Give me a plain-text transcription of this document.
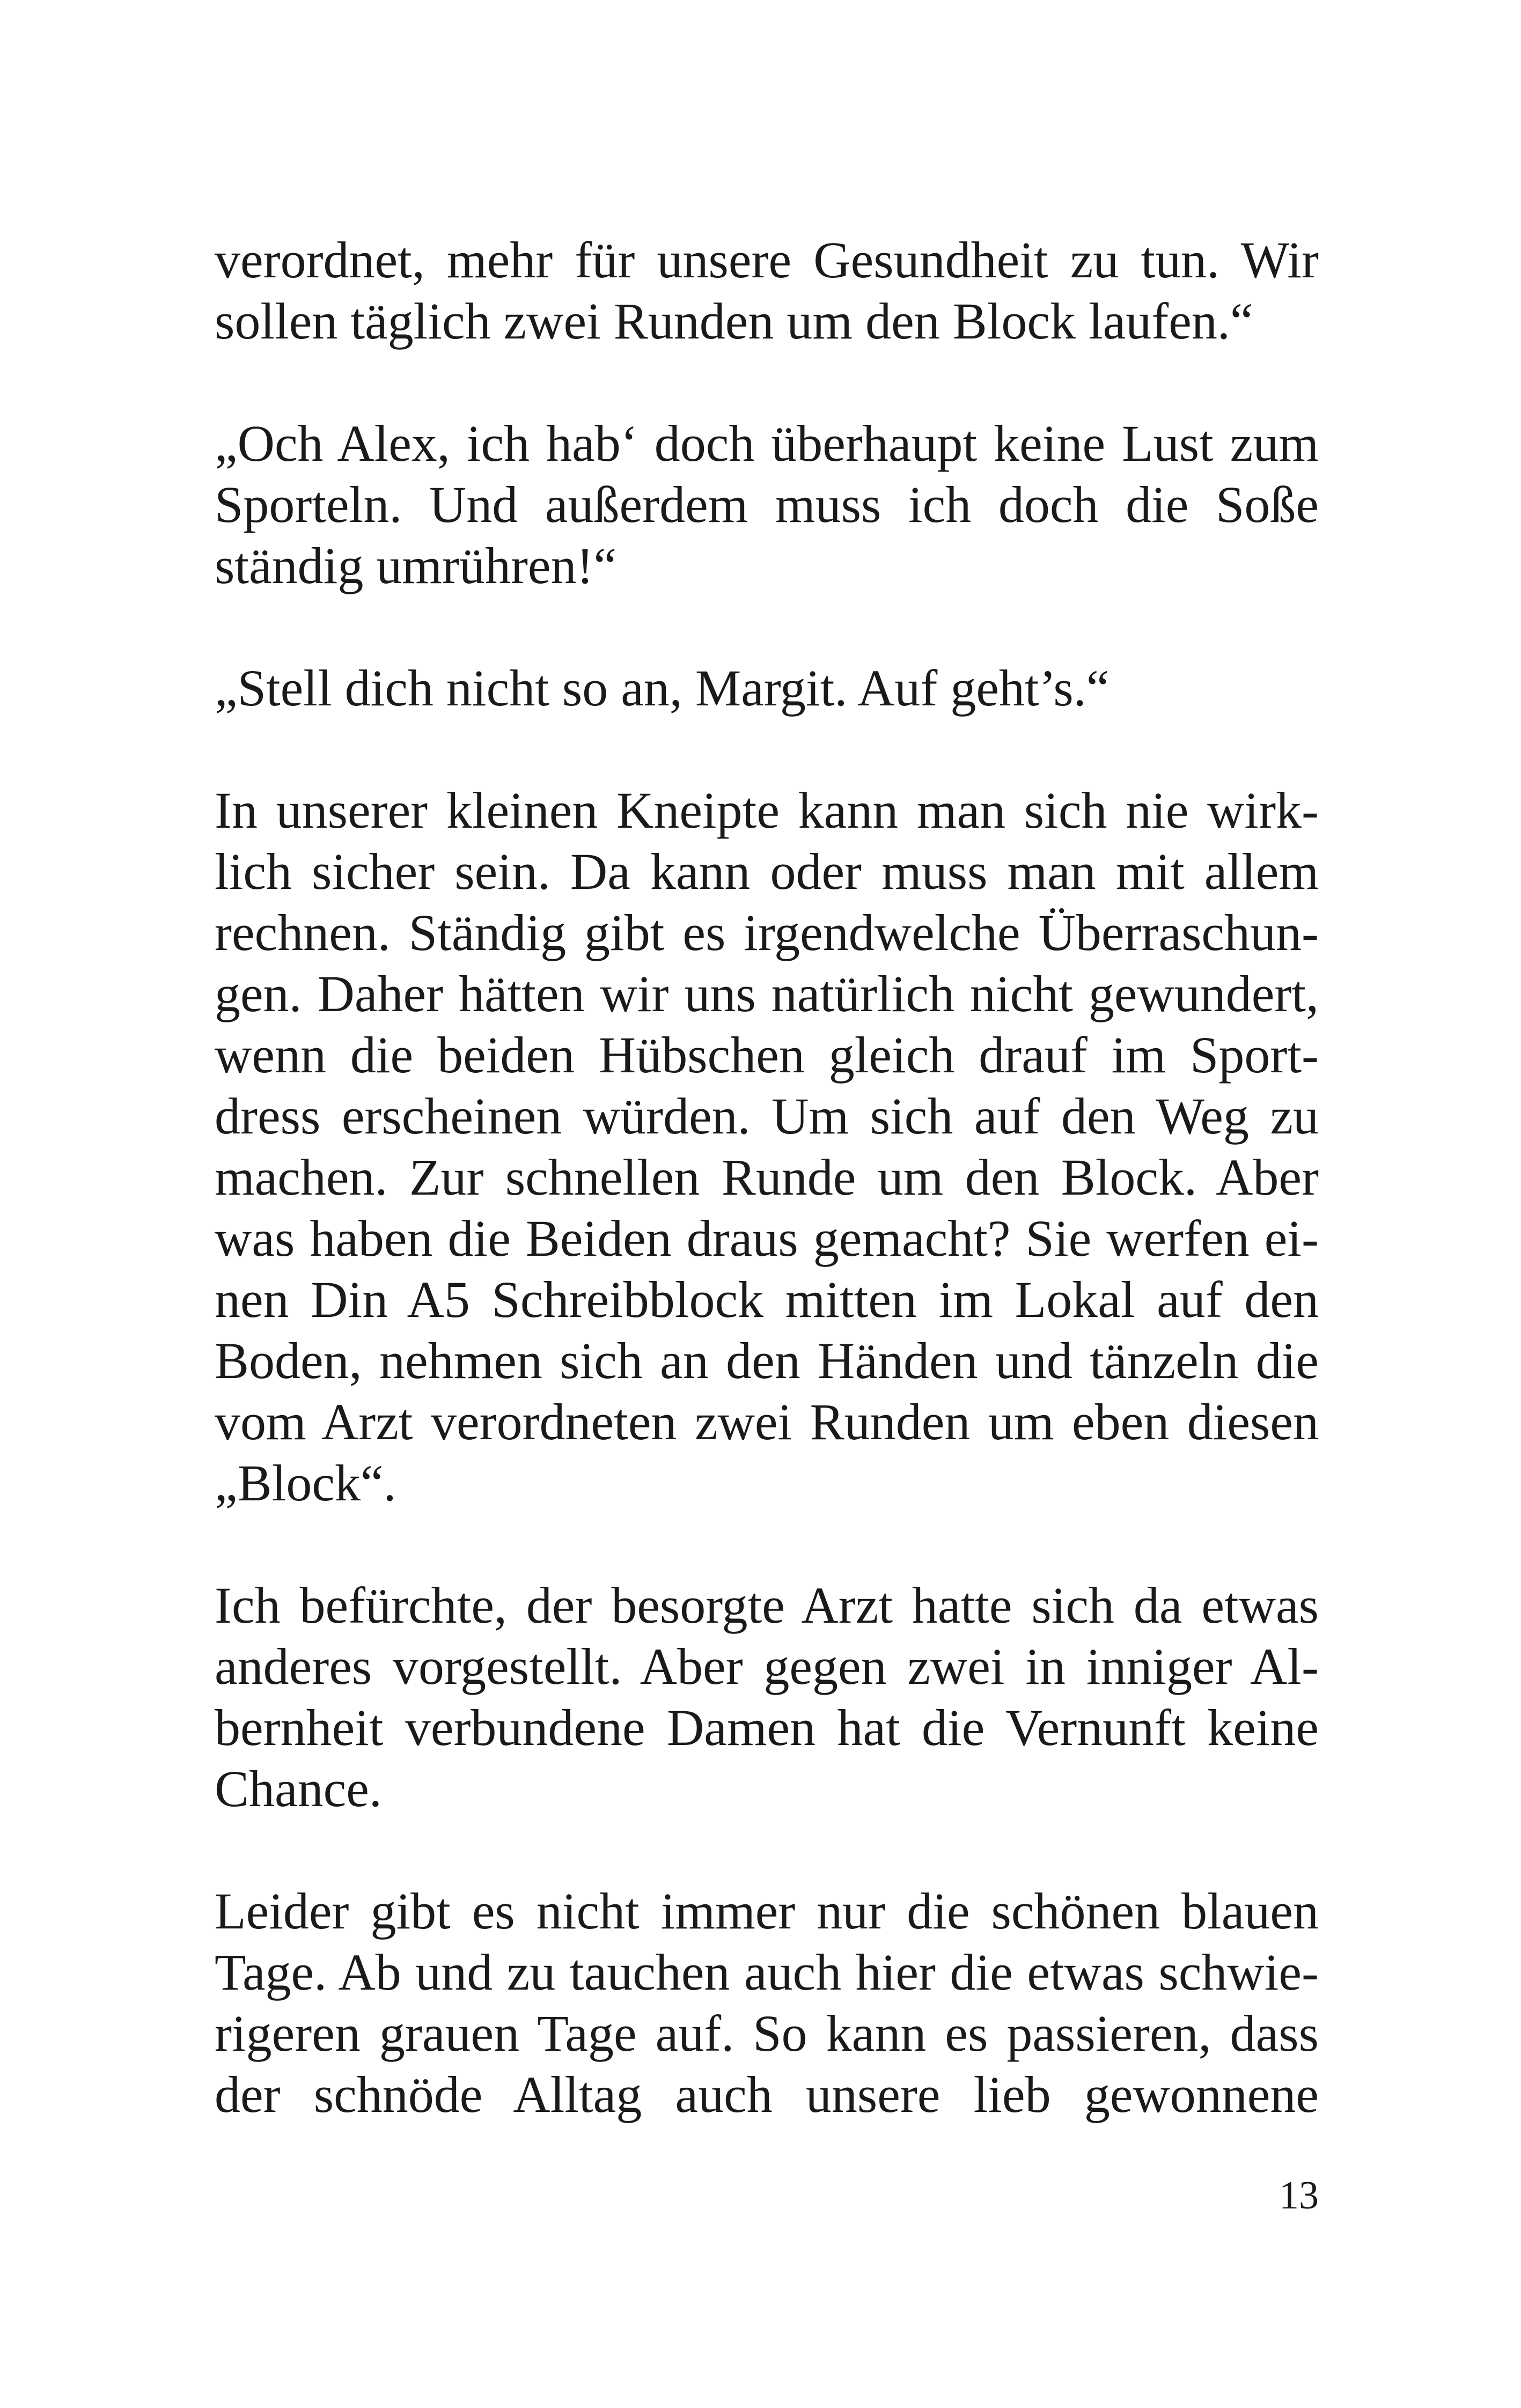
verordnet, mehr für unsere Gesundheit zu tun. Wir
sollen täglich zwei Runden um den Block laufen.“
„Och Alex, ich hab‘ doch überhaupt keine Lust zum
Sporteln. Und außerdem muss ich doch die Soße
ständig umrühren!“
„Stell dich nicht so an, Margit. Auf geht’s.“
In unserer kleinen Kneipte kann man sich nie wirk-
lich sicher sein. Da kann oder muss man mit allem
rechnen. Ständig gibt es irgendwelche Überraschun-
gen. Daher hätten wir uns natürlich nicht gewundert,
wenn die beiden Hübschen gleich drauf im Sport-
dress erscheinen würden. Um sich auf den Weg zu
machen. Zur schnellen Runde um den Block. Aber
was haben die Beiden draus gemacht? Sie werfen ei-
nen Din A5 Schreibblock mitten im Lokal auf den
Boden, nehmen sich an den Händen und tänzeln die
vom Arzt verordneten zwei Runden um eben diesen
„Block“.
Ich befürchte, der besorgte Arzt hatte sich da etwas
anderes vorgestellt. Aber gegen zwei in inniger Al-
bernheit verbundene Damen hat die Vernunft keine
Chance.
Leider gibt es nicht immer nur die schönen blauen
Tage. Ab und zu tauchen auch hier die etwas schwie-
rigeren grauen Tage auf. So kann es passieren, dass
der schnöde Alltag auch unsere lieb gewonnene
13
